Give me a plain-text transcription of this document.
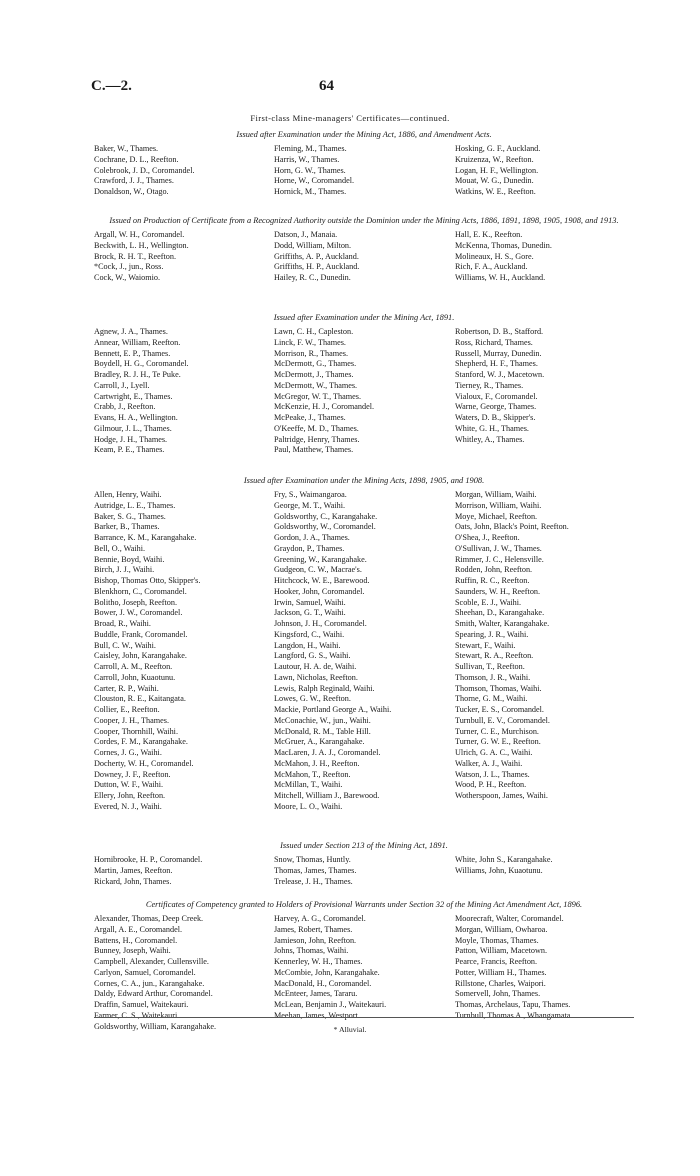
C.—2.	64
First-class Mine-managers' Certificates—continued.
Issued after Examination under the Mining Act, 1886, and Amendment Acts.
Baker, W., Thames.
Cochrane, D. L., Reefton.
Colebrook, J. D., Coromandel.
Crawford, J. J., Thames.
Donaldson, W., Otago.
Fleming, M., Thames.
Harris, W., Thames.
Horn, G. W., Thames.
Horne, W., Coromandel.
Hornick, M., Thames.
Hosking, G. F., Auckland.
Kruizenza, W., Reefton.
Logan, H. F., Wellington.
Mouat, W. G., Dunedin.
Watkins, W. E., Reefton.
Issued on Production of Certificate from a Recognized Authority outside the Dominion under the Mining Acts, 1886, 1891, 1898, 1905, 1908, and 1913.
Argall, W. H., Coromandel.
Beckwith, L. H., Wellington.
Brock, R. H. T., Reefton.
*Cock, J., jun., Ross.
Cock, W., Waiomio.
Datson, J., Manaia.
Dodd, William, Milton.
Griffiths, A. P., Auckland.
Griffiths, H. P., Auckland.
Hailey, R. C., Dunedin.
Hall, E. K., Reefton.
McKenna, Thomas, Dunedin.
Molineaux, H. S., Gore.
Rich, F. A., Auckland.
Williams, W. H., Auckland.
Issued after Examination under the Mining Act, 1891.
Agnew, J. A., Thames.
Annear, William, Reefton.
Bennett, E. P., Thames.
Boydell, H. G., Coromandel.
Bradley, R. J. H., Te Puke.
Carroll, J., Lyell.
Cartwright, E., Thames.
Crabb, J., Reefton.
Evans, H. A., Wellington.
Gilmour, J. L., Thames.
Hodge, J. H., Thames.
Keam, P. E., Thames.
Lawn, C. H., Capleston.
Linck, F. W., Thames.
Morrison, R., Thames.
McDermott, G., Thames.
McDermott, J., Thames.
McDermott, W., Thames.
McGregor, W. T., Thames.
McKenzie, H. J., Coromandel.
McPeake, J., Thames.
O'Keeffe, M. D., Thames.
Paltridge, Henry, Thames.
Paul, Matthew, Thames.
Robertson, D. B., Stafford.
Ross, Richard, Thames.
Russell, Murray, Dunedin.
Shepherd, H. F., Thames.
Stanford, W. J., Macetown.
Tierney, R., Thames.
Vialoux, F., Coromandel.
Warne, George, Thames.
Waters, D. B., Skipper's.
White, G. H., Thames.
Whitley, A., Thames.
Issued after Examination under the Mining Acts, 1898, 1905, and 1908.
Allen, Henry, Waihi.
Autridge, L. E., Thames.
Baker, S. G., Thames.
Barker, B., Thames.
Barrance, K. M., Karangahake.
Bell, O., Waihi.
Bennie, Boyd, Waihi.
Birch, J. J., Waihi.
Bishop, Thomas Otto, Skipper's.
Blenkhorn, C., Coromandel.
Bolitho, Joseph, Reefton.
Bower, J. W., Coromandel.
Broad, R., Waihi.
Buddle, Frank, Coromandel.
Bull, C. W., Waihi.
Caisley, John, Karangahake.
Carroll, A. M., Reefton.
Carroll, John, Kuaotunu.
Carter, R. P., Waihi.
Clouston, R. E., Kaitangata.
Collier, E., Reefton.
Cooper, J. H., Thames.
Cooper, Thornhill, Waihi.
Cordes, F. M., Karangahake.
Cornes, J. G., Waihi.
Docherty, W. H., Coromandel.
Downey, J. F., Reefton.
Dutton, W. F., Waihi.
Ellery, John, Reefton.
Evered, N. J., Waihi.
Fry, S., Waimangaroa.
George, M. T., Waihi.
Goldsworthy, C., Karangahake.
Goldsworthy, W., Coromandel.
Gordon, J. A., Thames.
Graydon, P., Thames.
Greening, W., Karangahake.
Gudgeon, C. W., Macrae's.
Hitchcock, W. E., Barewood.
Hooker, John, Coromandel.
Irwin, Samuel, Waihi.
Jackson, G. T., Waihi.
Johnson, J. H., Coromandel.
Kingsford, C., Waihi.
Langdon, H., Waihi.
Langford, G. S., Waihi.
Lautour, H. A. de, Waihi.
Lawn, Nicholas, Reefton.
Lewis, Ralph Reginald, Waihi.
Lowes, G. W., Reefton.
Mackie, Portland George A., Waihi.
McConachie, W., jun., Waihi.
McDonald, R. M., Table Hill.
McGruer, A., Karangahake.
MacLaren, J. A. J., Coromandel.
McMahon, J. H., Reefton.
McMahon, T., Reefton.
McMillan, T., Waihi.
Mitchell, William J., Barewood.
Moore, L. O., Waihi.
Morgan, William, Waihi.
Morrison, William, Waihi.
Moye, Michael, Reefton.
Oats, John, Black's Point, Reefton.
O'Shea, J., Reefton.
O'Sullivan, J. W., Thames.
Rimmer, J. C., Helensville.
Rodden, John, Reefton.
Ruffin, R. C., Reefton.
Saunders, W. H., Reefton.
Scoble, E. J., Waihi.
Sheehan, D., Karangahake.
Smith, Walter, Karangahake.
Spearing, J. R., Waihi.
Stewart, F., Waihi.
Stewart, R. A., Reefton.
Sullivan, T., Reefton.
Thomson, J. R., Waihi.
Thomson, Thomas, Waihi.
Thorne, G. M., Waihi.
Tucker, E. S., Coromandel.
Turnbull, E. V., Coromandel.
Turner, C. E., Murchison.
Turner, G. W. E., Reefton.
Ulrich, G. A. C., Waihi.
Walker, A. J., Waihi.
Watson, J. L., Thames.
Wood, P. H., Reefton.
Wotherspoon, James, Waihi.
Issued under Section 213 of the Mining Act, 1891.
Hornibrooke, H. P., Coromandel.
Martin, James, Reefton.
Rickard, John, Thames.
Snow, Thomas, Huntly.
Thomas, James, Thames.
Trelease, J. H., Thames.
White, John S., Karangahake.
Williams, John, Kuaotunu.
Certificates of Competency granted to Holders of Provisional Warrants under Section 32 of the Mining Act Amendment Act, 1896.
Alexander, Thomas, Deep Creek.
Argall, A. E., Coromandel.
Battens, H., Coromandel.
Bunney, Joseph, Waihi.
Campbell, Alexander, Cullensville.
Carlyon, Samuel, Coromandel.
Cornes, C. A., jun., Karangahake.
Daldy, Edward Arthur, Coromandel.
Draffin, Samuel, Waitekauri.
Farmer, C. S., Waitekauri.
Goldsworthy, William, Karangahake.
Harvey, A. G., Coromandel.
James, Robert, Thames.
Jamieson, John, Reefton.
Johns, Thomas, Waihi.
Kennerley, W. H., Thames.
McCombie, John, Karangahake.
MacDonald, H., Coromandel.
McEnteer, James, Tararu.
McLean, Benjamin J., Waitekauri.
Meehan, James, Westport.
Moorecraft, Walter, Coromandel.
Morgan, William, Owharoa.
Moyle, Thomas, Thames.
Patton, William, Macetown.
Pearce, Francis, Reefton.
Potter, William H., Thames.
Rillstone, Charles, Waipori.
Somervell, John, Thames.
Thomas, Archelaus, Tapu, Thames.
Turnbull, Thomas A., Whangamata.
* Alluvial.
